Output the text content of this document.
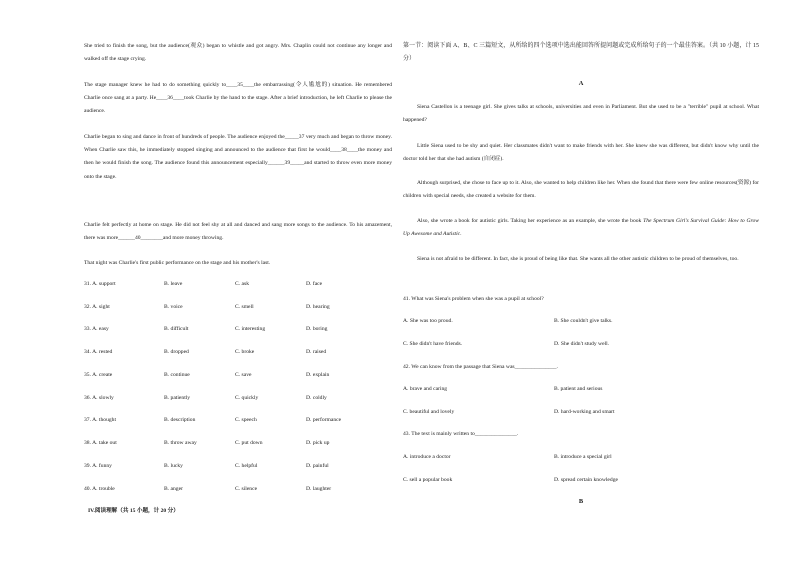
She tried to finish the song, but the audience(观众) began to whistle and got angry. Mrs. Chaplin could not continue any longer and walked off the stage crying.

The stage manager knew he had to do something quickly to____35____the embarrassing(令人尴尬的) situation. He remembered Charlie once sang at a party. He____36____took Charlie by the hand to the stage. After a brief introduction, he left Charlie to please the audience.

Charlie began to sing and dance in front of hundreds of people. The audience enjoyed the_____37 very much and began to throw money. When Charlie saw this, he immediately stopped singing and announced to the audience that first he would____38____the money and then he would finish the song. The audience found this announcement especially______39_____and started to throw even more money onto the stage.

Charlie felt perfectly at home on stage. He did not feel shy at all and danced and sang more songs to the audience. To his amazement, there was more______40________and more money throwing.

That night was Charlie's first public performance on the stage and his mother's last.

31. A. support	B. leave	C. ask	D. face
32. A. sight	B. voice	C. smell	D. hearing
33. A. easy	B. difficult	C. interesting	D. boring
34. A. rested	B. dropped	C. broke	D. raised
35. A. create	B. continue	C. save	D. explain
36. A. slowly	B. patiently	C. quickly	D. coldly
37. A. thought	B. description	C. speech	D. performance
38. A. take out	B. throw away	C. put down	D. pick up
39. A. funny	B. lucky	C. helpful	D. painful
40. A. trouble	B. anger	C. silence	D. laughter
IV.阅读理解（共 15 小题，计 20 分）

第一节：阅读下面 A、B、C 三篇短文，从所给的四个选项中选出能回答所提问题或完成所给句子的一个最佳答案。（共 10 小题，计 15 分）

A

Siena Castellon is a teenage girl. She gives talks at schools, universities and even in Parliament. But she used to be a "terrible" pupil at school. What happened?

Little Siena used to be shy and quiet. Her classmates didn't want to make friends with her. She knew she was different, but didn't know why until the doctor told her that she had autism (自闭症).

Although surprised, she chose to face up to it. Also, she wanted to help children like her. When she found that there were few online resources(资源) for children with special needs, she created a website for them.

Also, she wrote a book for autistic girls. Taking her experience as an example, she wrote the book The Spectrum Girl's Survival Guide: How to Grow Up Awesome and Autistic.

Siena is not afraid to be different. In fact, she is proud of being like that. She wants all the other autistic children to be proud of themselves, too.

41. What was Siena's problem when she was a pupil at school?
A. She was too proud.	B. She couldn't give talks.
C. She didn't have friends.	D. She didn't study well.
42. We can know from the passage that Siena was_______________.
A. brave and caring	B. patient and serious
C. beautiful and lovely	D. hard-working and smart
43. The text is mainly written to_______________.
A. introduce a doctor	B. introduce a special girl
C. sell a popular book	D. spread certain knowledge
B
